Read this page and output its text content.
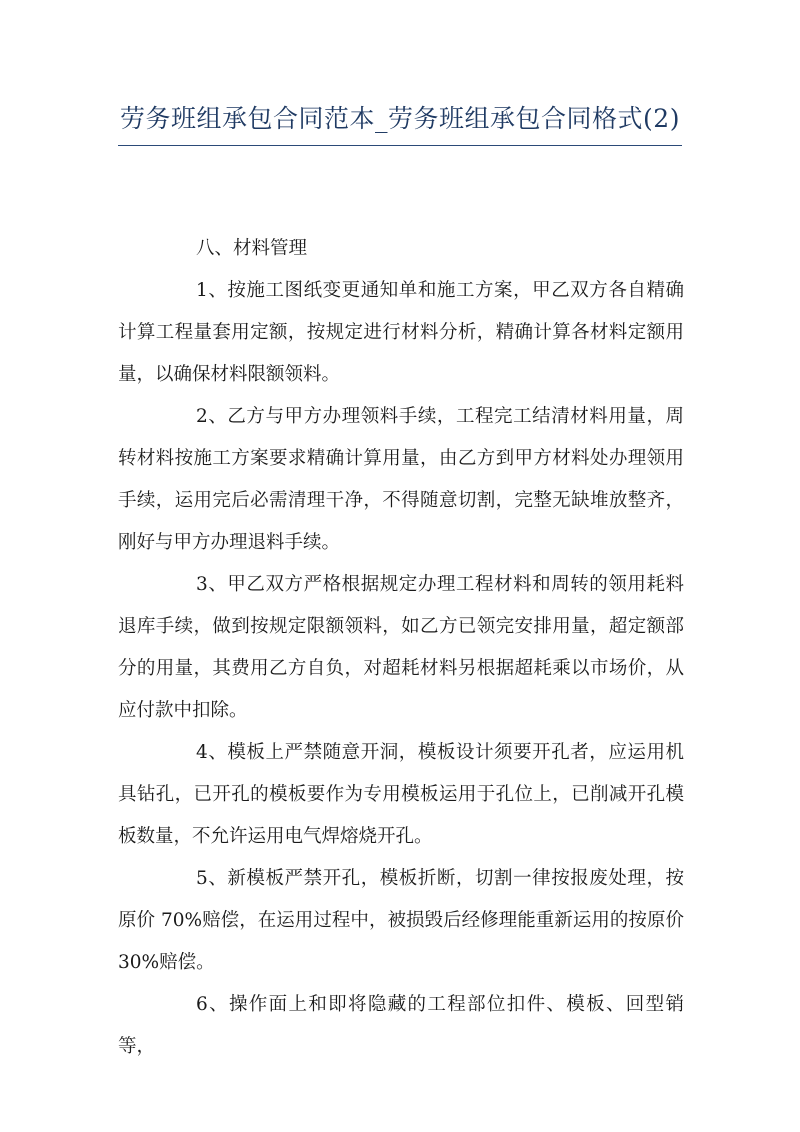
劳务班组承包合同范本_劳务班组承包合同格式(2)

八、材料管理

1、按施工图纸变更通知单和施工方案，甲乙双方各自精确计算工程量套用定额，按规定进行材料分析，精确计算各材料定额用量，以确保材料限额领料。

2、乙方与甲方办理领料手续，工程完工结清材料用量，周转材料按施工方案要求精确计算用量，由乙方到甲方材料处办理领用手续，运用完后必需清理干净，不得随意切割，完整无缺堆放整齐，刚好与甲方办理退料手续。

3、甲乙双方严格根据规定办理工程材料和周转的领用耗料退库手续，做到按规定限额领料，如乙方已领完安排用量，超定额部分的用量，其费用乙方自负，对超耗材料另根据超耗乘以市场价，从应付款中扣除。

4、模板上严禁随意开洞，模板设计须要开孔者，应运用机具钻孔，已开孔的模板要作为专用模板运用于孔位上，已削减开孔模板数量，不允许运用电气焊熔烧开孔。

5、新模板严禁开孔，模板折断，切割一律按报废处理，按原价 70%赔偿，在运用过程中，被损毁后经修理能重新运用的按原价 30%赔偿。

6、操作面上和即将隐藏的工程部位扣件、模板、回型销等，
